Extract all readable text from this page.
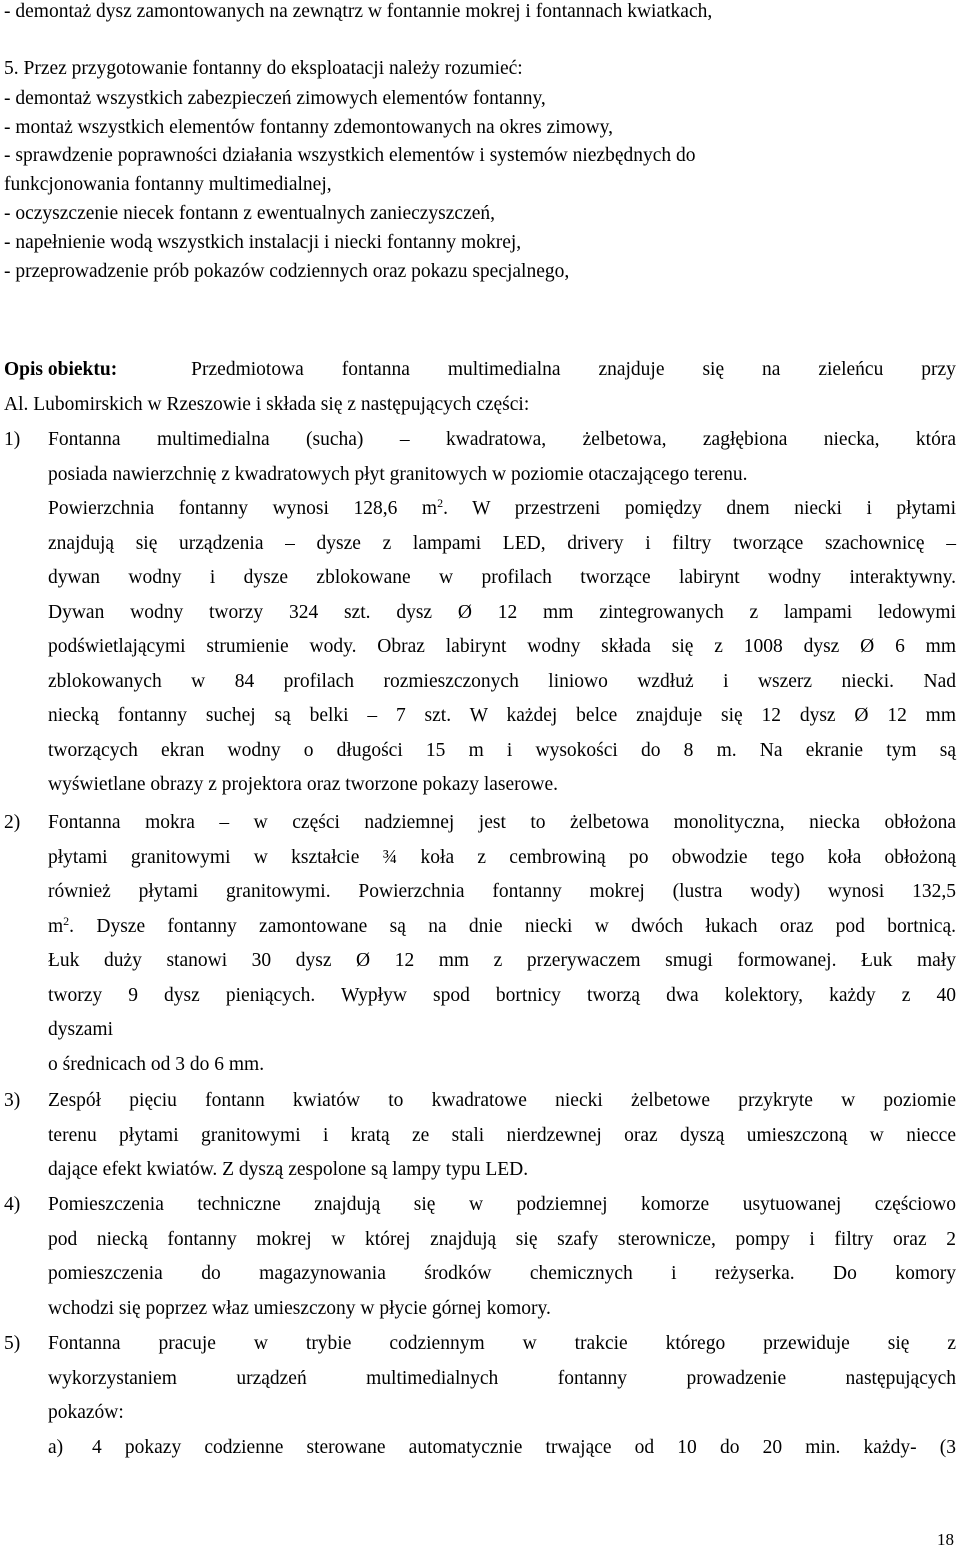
- demontaż dysz zamontowanych na zewnątrz w fontannie mokrej i fontannach kwiatkach,
5. Przez przygotowanie fontanny do eksploatacji należy rozumieć:
- demontaż wszystkich zabezpieczeń zimowych elementów fontanny,
- montaż wszystkich elementów fontanny zdemontowanych na okres zimowy,
- sprawdzenie poprawności działania wszystkich elementów i systemów niezbędnych do
funkcjonowania fontanny multimedialnej,
- oczyszczenie niecek fontann z ewentualnych zanieczyszczeń,
- napełnienie wodą wszystkich instalacji i niecki fontanny mokrej,
- przeprowadzenie prób pokazów codziennych oraz pokazu specjalnego,
Opis obiektu:	Przedmiotowa fontanna multimedialna znajduje się na zieleńcu przy
Al. Lubomirskich w Rzeszowie i składa się z następujących części:
1) Fontanna multimedialna (sucha) – kwadratowa, żelbetowa, zagłębiona niecka, która
posiada nawierzchnię z kwadratowych płyt granitowych w poziomie otaczającego terenu.
Powierzchnia fontanny wynosi 128,6 $m^2$. W przestrzeni pomiędzy dnem niecki i płytami
znajdują się urządzenia – dysze z lampami LED, drivery i filtry tworzące szachownicę –
dywan wodny i dysze zblokowane w profilach tworzące labirynt wodny interaktywny.
Dywan wodny tworzy 324 szt. dysz Ø 12 mm zintegrowanych z lampami ledowymi
podświetlającymi strumienie wody. Obraz labirynt wodny składa się z 1008 dysz Ø 6 mm
zblokowanych w 84 profilach rozmieszczonych liniowo wzdłuż i wszerz niecki. Nad
niecką fontanny suchej są belki – 7 szt. W każdej belce znajduje się 12 dysz Ø 12 mm
tworzących ekran wodny o długości 15 m i wysokości do 8 m. Na ekranie tym są
wyświetlane obrazy z projektora oraz tworzone pokazy laserowe.
2) Fontanna mokra – w części nadziemnej jest to żelbetowa monolityczna, niecka obłożona
płytami granitowymi w kształcie ¾ koła z cembrowiną po obwodzie tego koła obłożoną
również płytami granitowymi. Powierzchnia fontanny mokrej (lustra wody) wynosi 132,5
$m^2$. Dysze fontanny zamontowane są na dnie niecki w dwóch łukach oraz pod bortnicą.
Łuk duży stanowi 30 dysz Ø 12 mm z przerywaczem smugi formowanej. Łuk mały
tworzy 9 dysz pieniących. Wypływ spod bortnicy tworzą dwa kolektory, każdy z 40
dyszami
o średnicach od 3 do 6 mm.
3) Zespół pięciu fontann kwiatów to kwadratowe niecki żelbetowe przykryte w poziomie
terenu płytami granitowymi i kratą ze stali nierdzewnej oraz dyszą umieszczoną w niecce
dające efekt kwiatów. Z dyszą zespolone są lampy typu LED.
4) Pomieszczenia techniczne znajdują się w podziemnej komorze usytuowanej częściowo
pod niecką fontanny mokrej w której znajdują się szafy sterownicze, pompy i filtry oraz 2
pomieszczenia do magazynowania środków chemicznych i reżyserka. Do komory
wchodzi się poprzez właz umieszczony w płycie górnej komory.
5) Fontanna pracuje w trybie codziennym w trakcie którego przewiduje się z
wykorzystaniem urządzeń multimedialnych fontanny prowadzenie następujących
pokazów:
a) 4 pokazy codzienne sterowane automatycznie trwające od 10 do 20 min. każdy- (3
18
